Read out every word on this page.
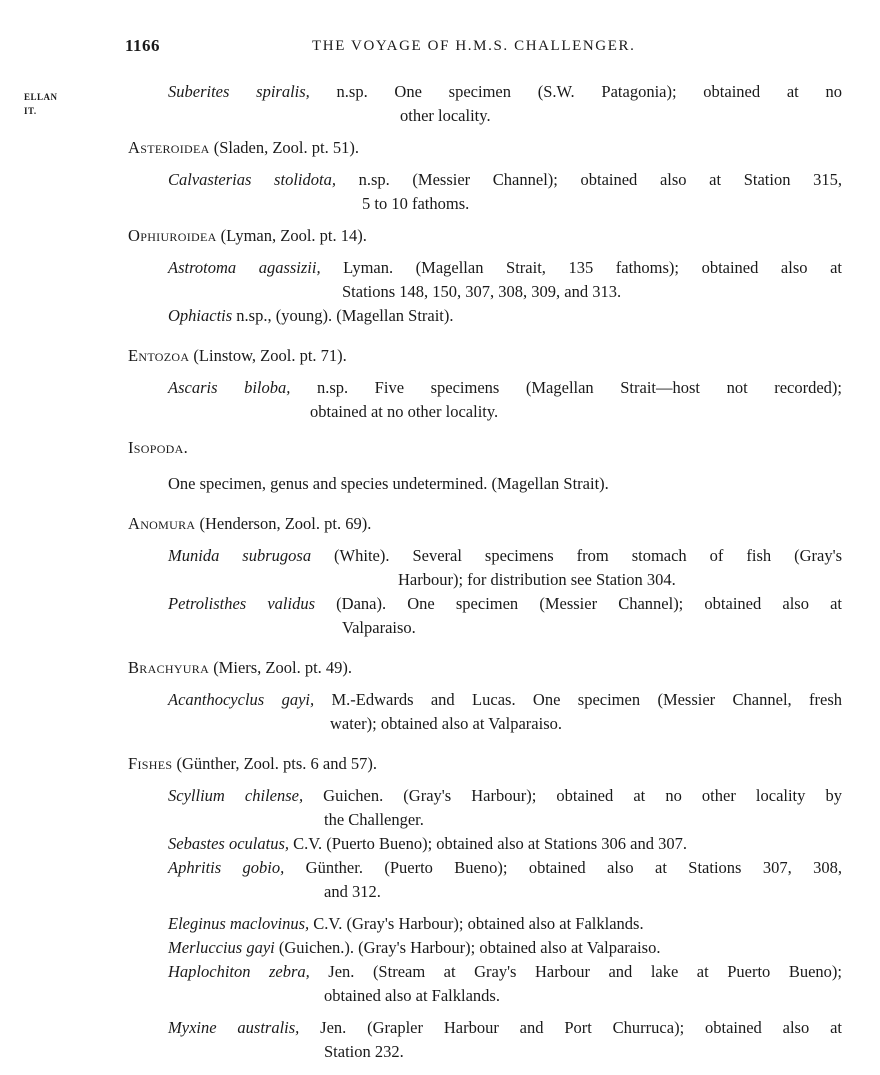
1166	THE VOYAGE OF H.M.S. CHALLENGER.
ELLAN
IT.
Suberites spiralis, n.sp. One specimen (S.W. Patagonia); obtained at no
other locality.
Asteroidea (Sladen, Zool. pt. 51).
Calvasterias stolidota, n.sp. (Messier Channel); obtained also at Station 315,
5 to 10 fathoms.
Ophiuroidea (Lyman, Zool. pt. 14).
Astrotoma agassizii, Lyman. (Magellan Strait, 135 fathoms); obtained also at
Stations 148, 150, 307, 308, 309, and 313.
Ophiactis n.sp., (young). (Magellan Strait).
Entozoa (Linstow, Zool. pt. 71).
Ascaris biloba, n.sp. Five specimens (Magellan Strait—host not recorded);
obtained at no other locality.
Isopoda.
One specimen, genus and species undetermined. (Magellan Strait).
Anomura (Henderson, Zool. pt. 69).
Munida subrugosa (White). Several specimens from stomach of fish (Gray's
Harbour); for distribution see Station 304.
Petrolisthes validus (Dana). One specimen (Messier Channel); obtained also at
Valparaiso.
Brachyura (Miers, Zool. pt. 49).
Acanthocyclus gayi, M.-Edwards and Lucas. One specimen (Messier Channel, fresh
water); obtained also at Valparaiso.
Fishes (Günther, Zool. pts. 6 and 57).
Scyllium chilense, Guichen. (Gray's Harbour); obtained at no other locality by
the Challenger.
Sebastes oculatus, C.V. (Puerto Bueno); obtained also at Stations 306 and 307.
Aphritis gobio, Günther. (Puerto Bueno); obtained also at Stations 307, 308,
and 312.
Eleginus maclovinus, C.V. (Gray's Harbour); obtained also at Falklands.
Merluccius gayi (Guichen.). (Gray's Harbour); obtained also at Valparaiso.
Haplochiton zebra, Jen. (Stream at Gray's Harbour and lake at Puerto Bueno);
obtained also at Falklands.
Myxine australis, Jen. (Grapler Harbour and Port Churruca); obtained also at
Station 232.
